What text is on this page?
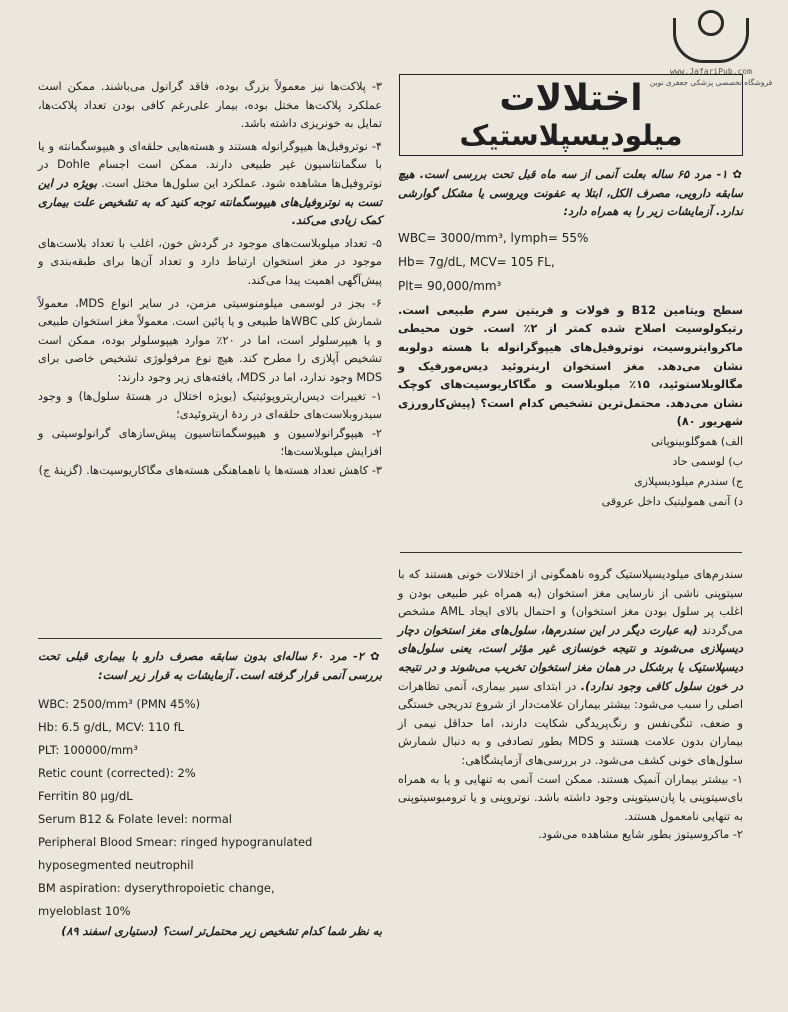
www.JafariPub.com
فروشگاه تخصصی پزشکی جعفری نوین
اختلالات
میلودیسپلاستیک

✿ ۱- مرد ۶۵ ساله بعلت آنمی از سه ماه قبل تحت بررسی است. هیچ سابقه دارویی، مصرف الکل، ابتلا به عفونت ویروسی یا مشکل گوارشی ندارد. آزمایشات زیر را به همراه دارد:

WBC= 3000/mm³, lymph= 55%
Hb= 7g/dL, MCV= 105 FL,
Plt= 90,000/mm³

سطح ویتامین B12 و فولات و فریتین سرم طبیعی است. رتیکولوسیت اصلاح شده کمتر از ۲٪ است. خون محیطی ماکروایتروسیت، نوتروفیل‌های هیپوگرانوله با هسته دولوبه نشان می‌دهد. مغز استخوان اریتروئید دیس‌مورفیک و مگالوبلاستوئید، ۱۵٪ میلوبلاست و مگاکاریوسیت‌های کوچک نشان می‌دهد. محتمل‌ترین تشخیص کدام است؟ (پیش‌کارورزی شهریور ۸۰)

الف) هموگلوبینوپاتی
ب) لوسمی حاد
ج) سندرم میلودیسپلازی
د) آنمی همولیتیک داخل عروقی

سندرم‌های میلودیسپلاستیک گروه ناهمگونی از اختلالات خونی هستند که با سیتوپنی ناشی از نارسایی مغز استخوان (به همراه غیر طبیعی بودن و اغلب پر سلول بودن مغز استخوان) و احتمال بالای ایجاد AML مشخص می‌گردند (به عبارت دیگر در این سندرم‌ها، سلول‌های مغز استخوان دچار دیسپلازی می‌شوند و نتیجه خونسازی غیر مؤثر است، یعنی سلول‌های دیسپلاستیک یا برشکل در همان مغز استخوان تخریب می‌شوند و در نتیجه در خون سلول کافی وجود ندارد). در ابتدای سیر بیماری، آنمی تظاهرات اصلی را سبب می‌شود: بیشتر بیماران علامت‌دار از شروع تدریجی خستگی و ضعف، تنگی‌نفس و رنگ‌پریدگی شکایت دارند، اما حداقل نیمی از بیماران بدون علامت هستند و MDS بطور تصادفی و به دنبال شمارش سلول‌های خونی کشف می‌شود. در بررسی‌های آزمایشگاهی:

۱- بیشتر بیماران آنمیک هستند. ممکن است آنمی به تنهایی و یا به همراه بای‌سیتوپنی یا پان‌سیتوپنی وجود داشته باشد. نوتروپنی و یا ترومبوسیتوپنی به تنهایی نامعمول هستند.

۲- ماکروسیتوز بطور شایع مشاهده می‌شود.

۳- پلاکت‌ها نیز معمولاً بزرگ بوده، فاقد گرانول می‌باشند. ممکن است عملکرد پلاکت‌ها مختل بوده، بیمار علی‌رغم کافی بودن تعداد پلاکت‌ها، تمایل به خونریزی داشته باشد.

۴- نوتروفیل‌ها هیپوگرانوله هستند و هسته‌هایی حلقه‌ای و هیپوسگمانته و یا با سگمانتاسیون غیر طبیعی دارند. ممکن است اجسام Dohle در نوتروفیل‌ها مشاهده شود. عملکرد این سلول‌ها مختل است. بویژه در این تست به نوتروفیل‌های هیپوسگمانته توجه کنید که به تشخیص علت بیماری کمک زیادی می‌کند.

۵- تعداد میلوبلاست‌های موجود در گردش خون، اغلب با تعداد بلاست‌های موجود در مغز استخوان ارتباط دارد و تعداد آن‌ها برای طبقه‌بندی و پیش‌آگهی اهمیت پیدا می‌کند.

۶- بجز در لوسمی میلومنوسیتی مزمن، در سایر انواع MDS، معمولاً شمارش کلی WBCها طبیعی و یا پائین است. معمولاً مغز استخوان طبیعی و یا هیپرسلولر است، اما در ۲۰٪ موارد هیپوسلولر بوده، ممکن است تشخیص آپلازی را مطرح کند. هیچ نوع مرفولوژی تشخیص خاصی برای MDS وجود ندارد، اما در MDS، یافته‌های زیر وجود دارند:

۱- تغییرات دیس‌اریتروپوئیتیک (بویژه اختلال در هستهٔ سلول‌ها) و وجود سیدروبلاست‌های حلقه‌ای در ردهٔ اریتروئیدی؛

۲- هیپوگرانولاسیون و هیپوسگمانتاسیون پیش‌سازهای گرانولوسیتی و افزایش میلوبلاست‌ها؛

۳- کاهش تعداد هسته‌ها یا ناهماهنگی هسته‌های مگاکاریوسیت‌ها. (گزینهٔ ج)

✿ ۲- مرد ۶۰ ساله‌ای بدون سابقه مصرف دارو با بیماری قبلی تحت بررسی آنمی قرار گرفته است. آزمایشات به قرار زیر است:

WBC: 2500/mm³ (PMN 45%)
Hb: 6.5 g/dL, MCV: 110 fL
PLT: 100000/mm³
Retic count (corrected): 2%
Ferritin 80 μg/dL
Serum B12 & Folate level: normal
Peripheral Blood Smear: ringed hypogranulated
hyposegmented neutrophil
BM aspiration: dyserythropoietic change,
myeloblast 10%

به نظر شما کدام تشخیص زیر محتمل‌تر است؟ (دستیاری اسفند ۸۹)
